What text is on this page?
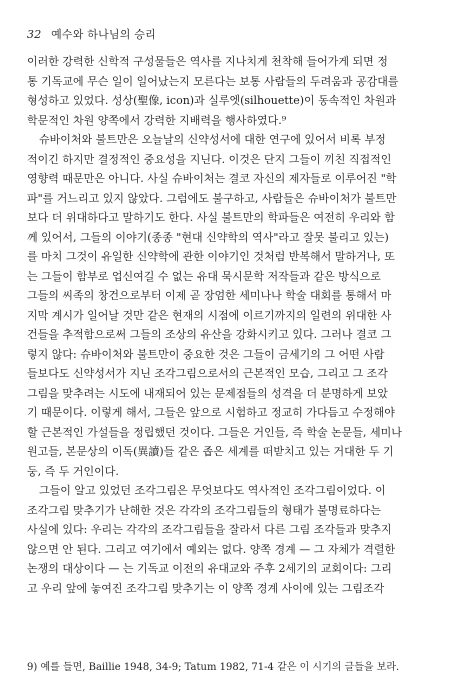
32 예수와 하나님의 승리
이러한 강력한 신학적 구성물들은 역사를 지나치게 천착해 들어가게 되면 정
통 기독교에 무슨 일이 일어났는지 모른다는 보통 사람들의 두려움과 공감대를
형성하고 있었다. 성상(聖像, icon)과 실루엣(silhouette)이 동속적인 차원과
학문적인 차원 양쪽에서 강력한 지배력을 행사하였다.⁹
슈바이처와 불트만은 오늘날의 신약성서에 대한 연구에 있어서 비록 부정
적이긴 하지만 결정적인 중요성을 지닌다. 이것은 단지 그들이 끼친 직접적인
영향력 때문만은 아니다. 사실 슈바이처는 결코 자신의 제자들로 이루어진 "학
파"를 거느리고 있지 않았다. 그럼에도 불구하고, 사람들은 슈바이처가 불트만
보다 더 위대하다고 말하기도 한다. 사실 불트만의 학파들은 여전히 우리와 함
께 있어서, 그들의 이야기(종종 "현대 신약학의 역사"라고 잘못 불리고 있는)
를 마치 그것이 유일한 신약학에 관한 이야기인 것처럼 반복해서 말하거나, 또
는 그들이 함부로 업신여길 수 없는 유대 묵시문학 저작들과 같은 방식으로
그들의 씨족의 창건으로부터 이제 곧 장엄한 세미나나 학술 대회를 통해서 마
지막 계시가 일어날 것만 같은 현재의 시점에 이르기까지의 일련의 위대한 사
건들을 추적함으로써 그들의 조상의 유산을 강화시키고 있다. 그러나 결코 그
렇지 않다: 슈바이처와 불트만이 중요한 것은 그들이 금세기의 그 어떤 사람
들보다도 신약성서가 지닌 조각그림으로서의 근본적인 모습, 그리고 그 조각
그림을 맞추려는 시도에 내재되어 있는 문제점들의 성격을 더 분명하게 보았
기 때문이다. 이렇게 해서, 그들은 앞으로 시험하고 정교히 가다듬고 수정해야
할 근본적인 가설들을 정립했던 것이다. 그들은 거인들, 즉 학술 논문들, 세미나
원고들, 본문상의 이독(異讀)들 같은 좁은 세계를 떠받치고 있는 거대한 두 기
둥, 즉 두 거인이다.
그들이 알고 있었던 조각그림은 무엇보다도 역사적인 조각그림이었다. 이
조각그림 맞추기가 난해한 것은 각각의 조각그림들의 형태가 불명료하다는
사실에 있다: 우리는 각각의 조각그림들을 잘라서 다른 그림 조각들과 맞추지
않으면 안 된다. 그리고 여기에서 예외는 없다. 양쪽 경계 — 그 자체가 격렬한
논쟁의 대상이다 — 는 기독교 이전의 유대교와 주후 2세기의 교회이다: 그리
고 우리 앞에 놓여진 조각그림 맞추기는 이 양쪽 경계 사이에 있는 그림조각
9) 예를 들면, Baillie 1948, 34-9; Tatum 1982, 71-4 같은 이 시기의 글들을 보라.
